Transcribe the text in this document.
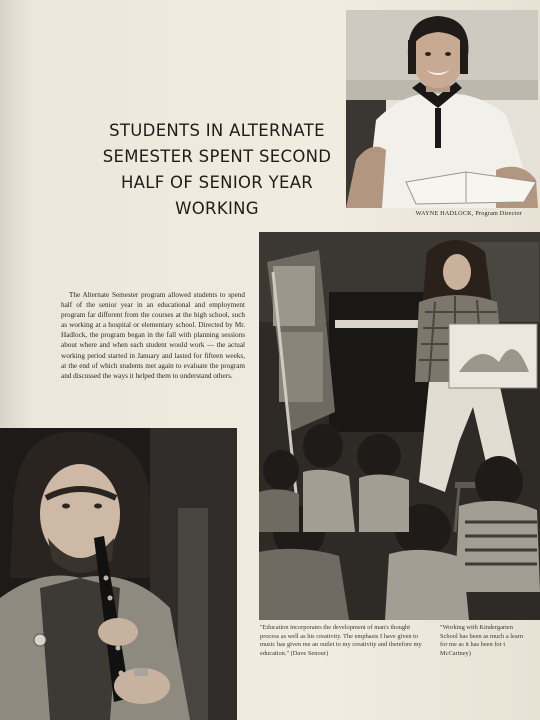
WAYNE HADLOCK, Program Director
STUDENTS IN ALTERNATE
SEMESTER SPENT SECOND
HALF OF SENIOR YEAR
WORKING

The Alternate Semester program allowed students to spend half of the senior year in an educational and employment program far different from the courses at the high school, such as working at a hospital or elementary school. Directed by Mr. Hadlock, the program began in the fall with planning sessions about where and when each student would work — the actual working period started in January and lasted for fifteen weeks, at the end of which students met again to evaluate the program and discussed the ways it helped them to understand others.

"Education incorporates the development of man's thought process as well as his creativity. The emphasis I have given to music has given me an outlet to my creativity and therefore my education." (Dave Senour)

"Working with Kindergarten
School has been as much a learn
for me as it has been for t
McCartney)
